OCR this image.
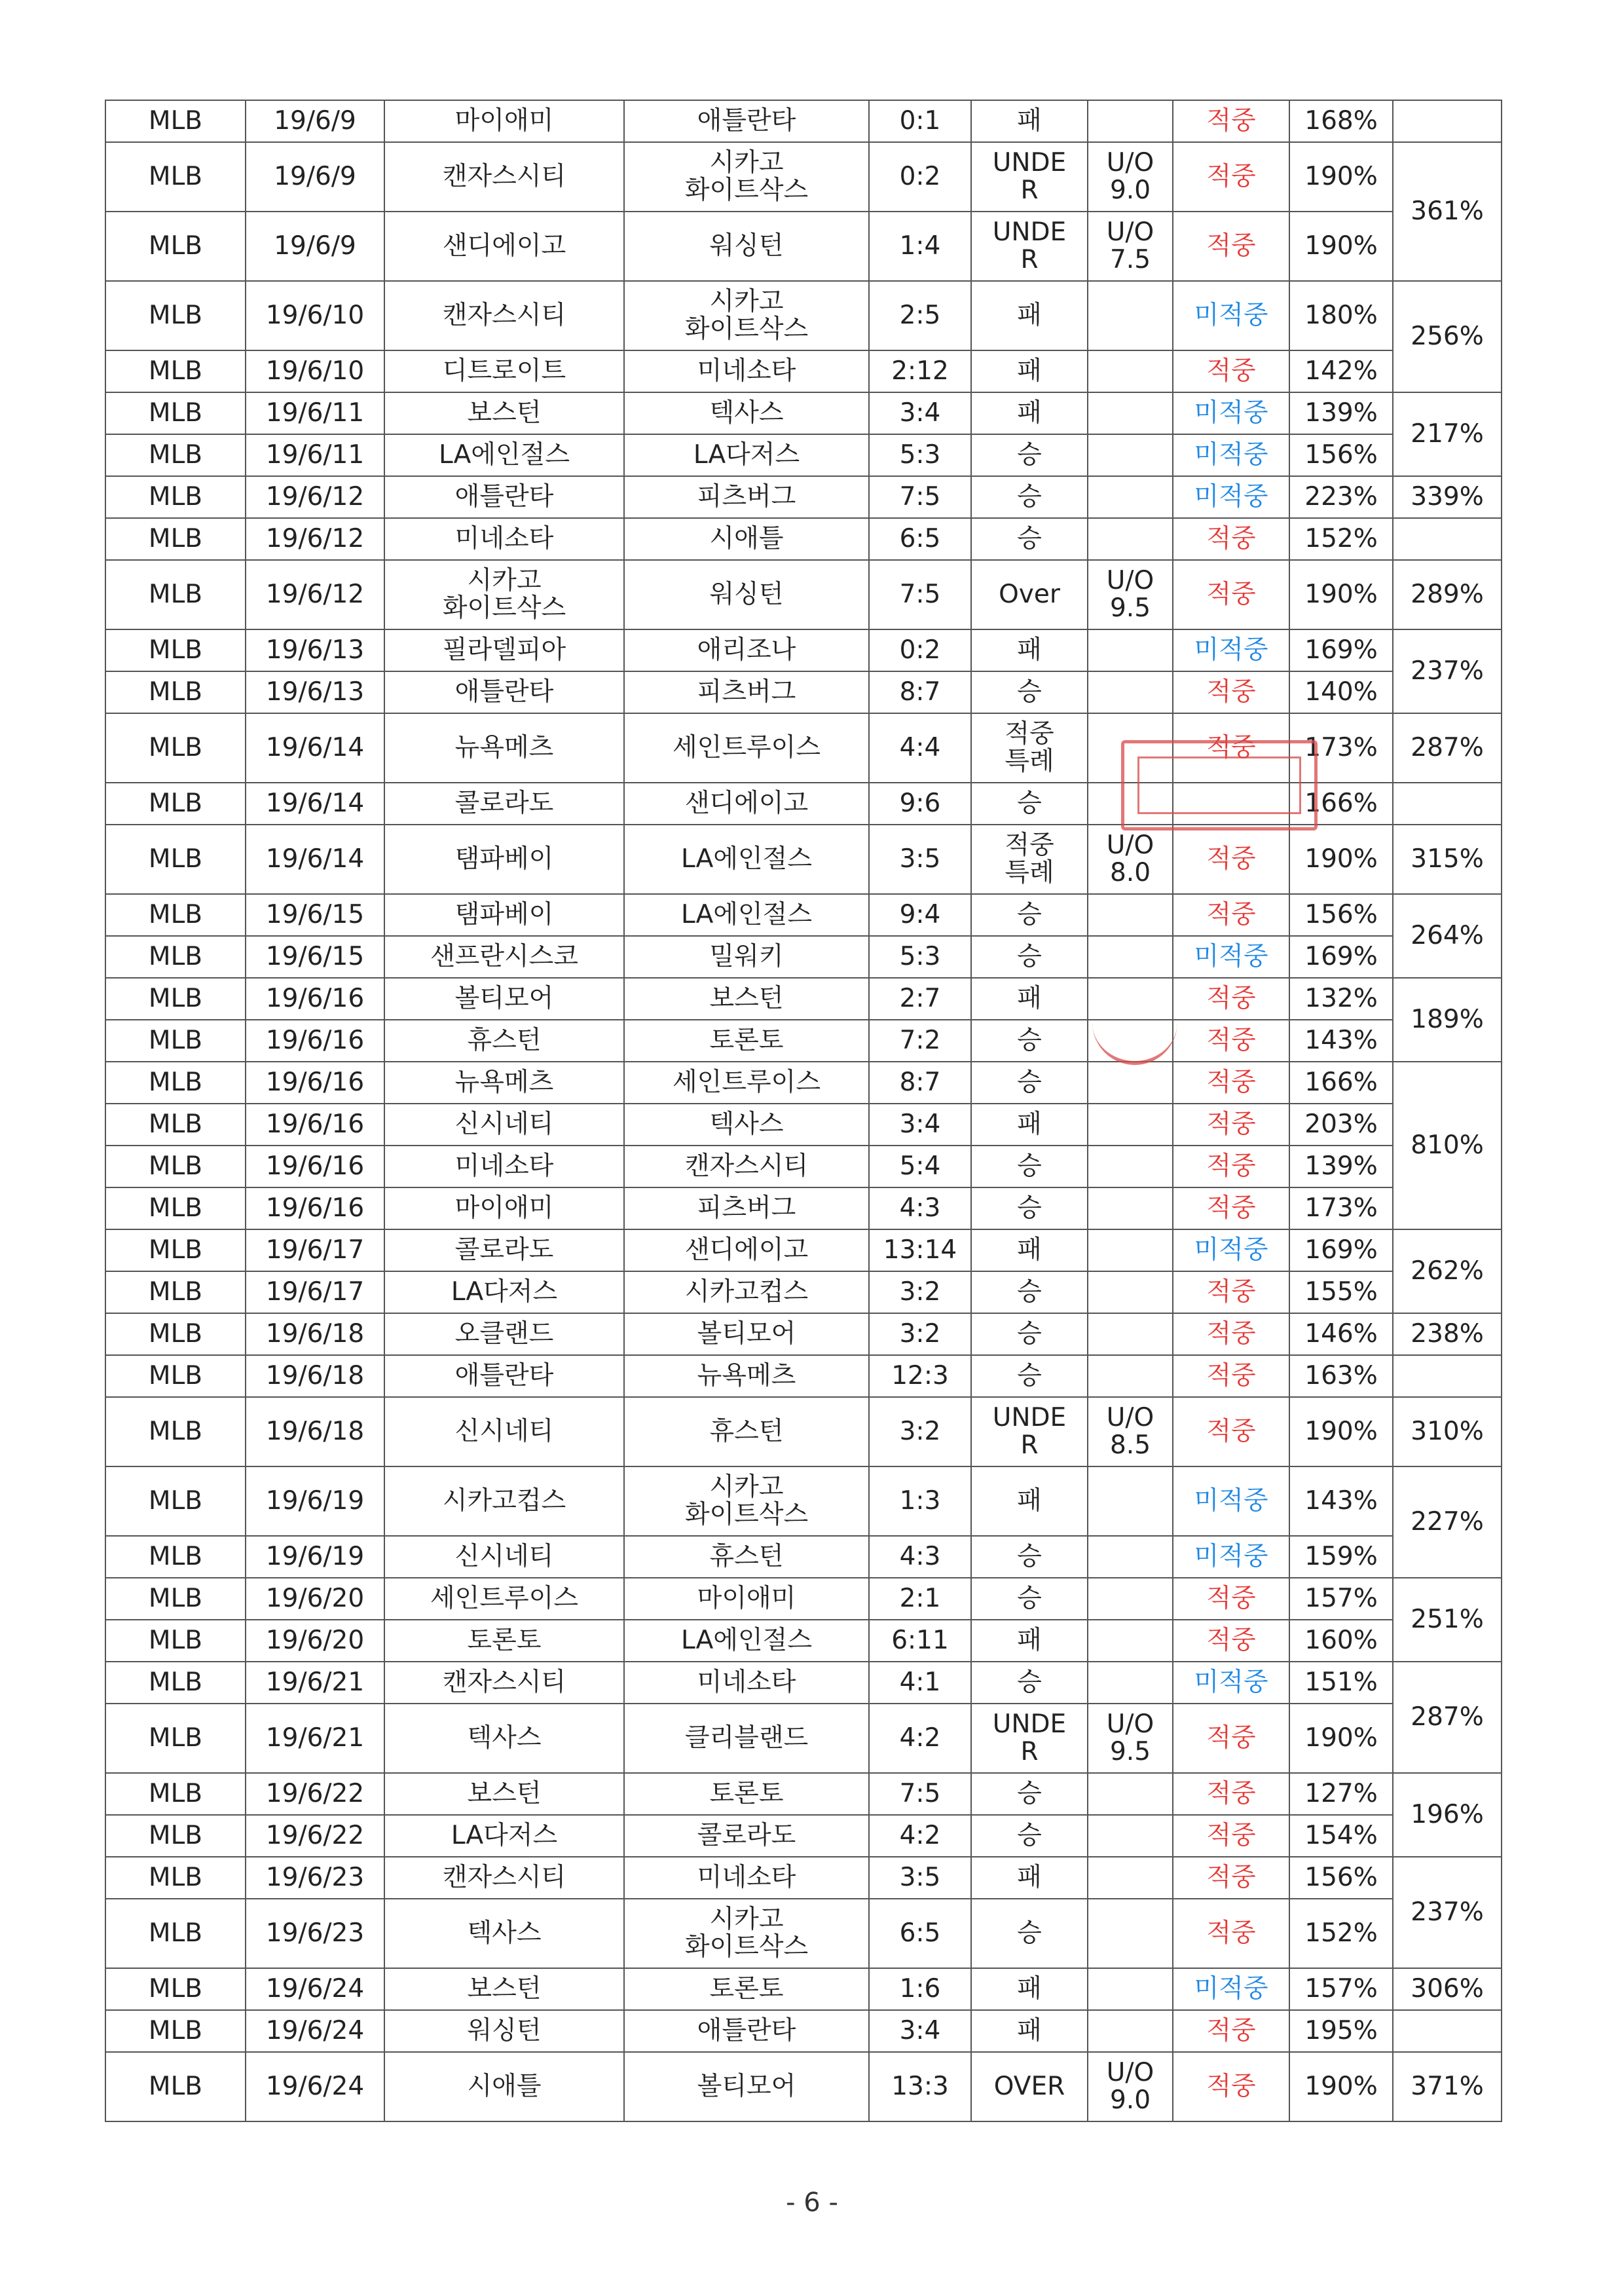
MLB	19/6/9	마이애미	애틀란타	0:1	패		적중	168%	

MLB	19/6/9	캔자스시티	시카고
화이트삭스	0:2	UNDE
R	U/O
9.0	적중	190%	361%

MLB	19/6/9	샌디에이고	워싱턴	1:4	UNDE
R	U/O
7.5	적중	190%	

MLB	19/6/10	캔자스시티	시카고
화이트삭스	2:5	패		미적중	180%	256%

MLB	19/6/10	디트로이트	미네소타	2:12	패		적중	142%	

MLB	19/6/11	보스턴	텍사스	3:4	패		미적중	139%	217%

MLB	19/6/11	LA에인절스	LA다저스	5:3	승		미적중	156%	

MLB	19/6/12	애틀란타	피츠버그	7:5	승		미적중	223%	339%

MLB	19/6/12	미네소타	시애틀	6:5	승		적중	152%	

MLB	19/6/12	시카고
화이트삭스	워싱턴	7:5	Over	U/O
9.5	적중	190%	289%

MLB	19/6/13	필라델피아	애리조나	0:2	패		미적중	169%	237%

MLB	19/6/13	애틀란타	피츠버그	8:7	승		적중	140%	

MLB	19/6/14	뉴욕메츠	세인트루이스	4:4	적중
특례		적중	173%	287%

MLB	19/6/14	콜로라도	샌디에이고	9:6	승			166%	

MLB	19/6/14	탬파베이	LA에인절스	3:5	적중
특례	U/O
8.0	적중	190%	315%

MLB	19/6/15	탬파베이	LA에인절스	9:4	승		적중	156%	264%

MLB	19/6/15	샌프란시스코	밀워키	5:3	승		미적중	169%	

MLB	19/6/16	볼티모어	보스턴	2:7	패		적중	132%	189%

MLB	19/6/16	휴스턴	토론토	7:2	승		적중	143%	

MLB	19/6/16	뉴욕메츠	세인트루이스	8:7	승		적중	166%	810%

MLB	19/6/16	신시네티	텍사스	3:4	패		적중	203%	

MLB	19/6/16	미네소타	캔자스시티	5:4	승		적중	139%	

MLB	19/6/16	마이애미	피츠버그	4:3	승		적중	173%	

MLB	19/6/17	콜로라도	샌디에이고	13:14	패		미적중	169%	262%

MLB	19/6/17	LA다저스	시카고컵스	3:2	승		적중	155%	

MLB	19/6/18	오클랜드	볼티모어	3:2	승		적중	146%	238%

MLB	19/6/18	애틀란타	뉴욕메츠	12:3	승		적중	163%	

MLB	19/6/18	신시네티	휴스턴	3:2	UNDE
R	U/O
8.5	적중	190%	310%

MLB	19/6/19	시카고컵스	시카고
화이트삭스	1:3	패		미적중	143%	227%

MLB	19/6/19	신시네티	휴스턴	4:3	승		미적중	159%	

MLB	19/6/20	세인트루이스	마이애미	2:1	승		적중	157%	251%

MLB	19/6/20	토론토	LA에인절스	6:11	패		적중	160%	

MLB	19/6/21	캔자스시티	미네소타	4:1	승		미적중	151%	287%

MLB	19/6/21	텍사스	클리블랜드	4:2	UNDE
R	U/O
9.5	적중	190%	

MLB	19/6/22	보스턴	토론토	7:5	승		적중	127%	196%

MLB	19/6/22	LA다저스	콜로라도	4:2	승		적중	154%	

MLB	19/6/23	캔자스시티	미네소타	3:5	패		적중	156%	237%

MLB	19/6/23	텍사스	시카고
화이트삭스	6:5	승		적중	152%	

MLB	19/6/24	보스턴	토론토	1:6	패		미적중	157%	306%

MLB	19/6/24	워싱턴	애틀란타	3:4	패		적중	195%	

MLB	19/6/24	시애틀	볼티모어	13:3	OVER	U/O
9.0	적중	190%	371%
- 6 -
